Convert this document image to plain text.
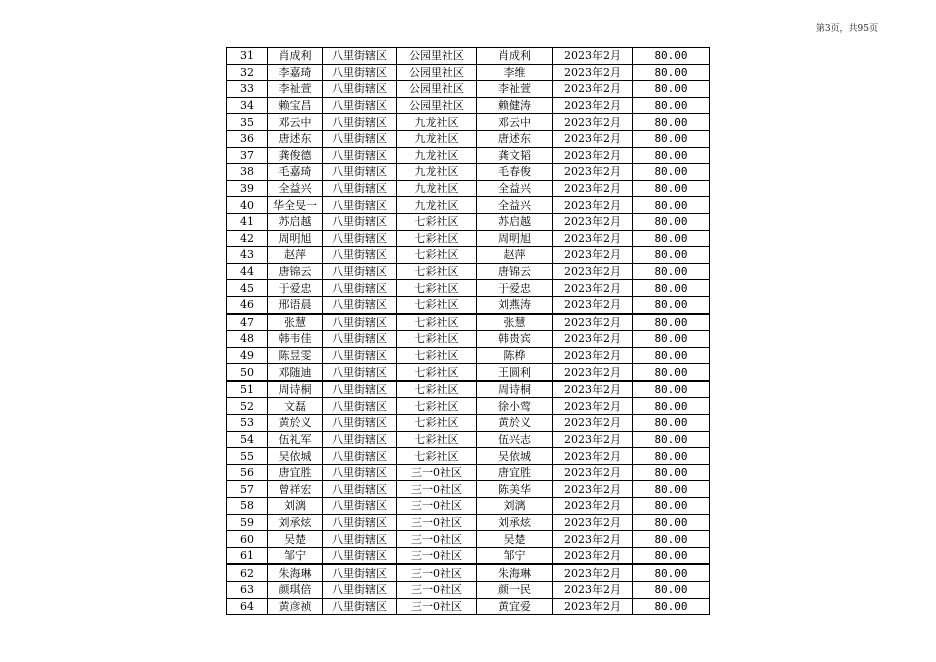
第3页，共95页
31	肖成利	八里街辖区	公园里社区	肖成利	2023年2月	80.00
32	李嘉琦	八里街辖区	公园里社区	李维	2023年2月	80.00
33	李祉萱	八里街辖区	公园里社区	李祉萱	2023年2月	80.00
34	赖宝昌	八里街辖区	公园里社区	赖健涛	2023年2月	80.00
35	邓云中	八里街辖区	九龙社区	邓云中	2023年2月	80.00
36	唐述东	八里街辖区	九龙社区	唐述东	2023年2月	80.00
37	龚俊德	八里街辖区	九龙社区	龚文韬	2023年2月	80.00
38	毛嘉琦	八里街辖区	九龙社区	毛春俊	2023年2月	80.00
39	全益兴	八里街辖区	九龙社区	全益兴	2023年2月	80.00
40	华全旻一	八里街辖区	九龙社区	全益兴	2023年2月	80.00
41	苏启越	八里街辖区	七彩社区	苏启越	2023年2月	80.00
42	周明旭	八里街辖区	七彩社区	周明旭	2023年2月	80.00
43	赵萍	八里街辖区	七彩社区	赵萍	2023年2月	80.00
44	唐锦云	八里街辖区	七彩社区	唐锦云	2023年2月	80.00
45	于爱忠	八里街辖区	七彩社区	于爱忠	2023年2月	80.00
46	邢语晨	八里街辖区	七彩社区	刘燕涛	2023年2月	80.00
47	张慧	八里街辖区	七彩社区	张慧	2023年2月	80.00
48	韩韦佳	八里街辖区	七彩社区	韩贵宾	2023年2月	80.00
49	陈昱雯	八里街辖区	七彩社区	陈桦	2023年2月	80.00
50	邓随迪	八里街辖区	七彩社区	王圆利	2023年2月	80.00
51	周诗桐	八里街辖区	七彩社区	周诗桐	2023年2月	80.00
52	文磊	八里街辖区	七彩社区	徐小莺	2023年2月	80.00
53	黄於义	八里街辖区	七彩社区	黄於义	2023年2月	80.00
54	伍礼军	八里街辖区	七彩社区	伍兴志	2023年2月	80.00
55	吴依城	八里街辖区	七彩社区	吴依城	2023年2月	80.00
56	唐宜胜	八里街辖区	三一0社区	唐宜胜	2023年2月	80.00
57	曾祥宏	八里街辖区	三一0社区	陈美华	2023年2月	80.00
58	刘漓	八里街辖区	三一0社区	刘漓	2023年2月	80.00
59	刘承炫	八里街辖区	三一0社区	刘承炫	2023年2月	80.00
60	吴楚	八里街辖区	三一0社区	吴楚	2023年2月	80.00
61	邹宁	八里街辖区	三一0社区	邹宁	2023年2月	80.00
62	朱海琳	八里街辖区	三一0社区	朱海琳	2023年2月	80.00
63	颜琪倍	八里街辖区	三一0社区	颜一民	2023年2月	80.00
64	黄彦祯	八里街辖区	三一0社区	黄宜爱	2023年2月	80.00
